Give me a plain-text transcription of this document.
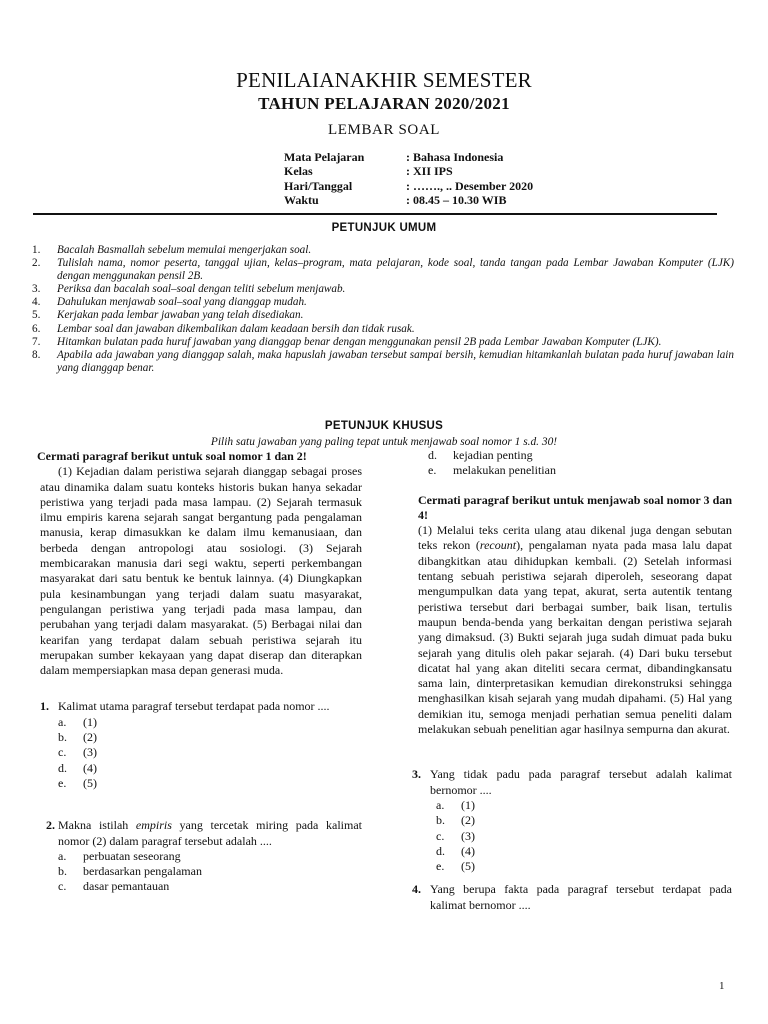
PENILAIANAKHIR SEMESTER
TAHUN PELAJARAN 2020/2021
LEMBAR SOAL
Mata Pelajaran	: Bahasa Indonesia
Kelas	: XII IPS
Hari/Tanggal	: ……., .. Desember 2020
Waktu	: 08.45 – 10.30 WIB
PETUNJUK UMUM
1.	Bacalah Basmallah sebelum memulai mengerjakan soal.
2.	Tulislah nama, nomor peserta, tanggal ujian, kelas–program, mata pelajaran, kode soal, tanda tangan pada Lembar Jawaban Komputer (LJK) dengan menggunakan pensil 2B.
3.	Periksa dan bacalah soal–soal dengan teliti sebelum menjawab.
4.	Dahulukan menjawab soal–soal yang dianggap mudah.
5.	Kerjakan pada lembar jawaban yang telah disediakan.
6.	Lembar soal dan jawaban dikembalikan dalam keadaan bersih dan tidak rusak.
7.	Hitamkan bulatan pada huruf jawaban yang dianggap benar dengan menggunakan pensil 2B pada Lembar Jawaban Komputer (LJK).
8.	Apabila ada jawaban yang dianggap salah, maka hapuslah jawaban tersebut sampai bersih, kemudian hitamkanlah bulatan pada huruf jawaban lain yang dianggap benar.
PETUNJUK KHUSUS
Pilih satu jawaban yang paling tepat untuk menjawab soal nomor 1 s.d. 30!
Cermati paragraf berikut untuk soal nomor 1 dan 2!
(1) Kejadian dalam peristiwa sejarah dianggap sebagai proses atau dinamika dalam suatu konteks historis bukan hanya sekadar peristiwa yang terjadi pada masa lampau. (2) Sejarah termasuk ilmu empiris karena sejarah sangat bergantung pada pengalaman manusia, kerap dimasukkan ke dalam ilmu kemanusiaan, dan berbeda dengan antropologi atau sosiologi. (3) Sejarah membicarakan manusia dari segi waktu, seperti perkembangan masyarakat dari satu bentuk ke bentuk lainnya. (4) Diungkapkan pula kesinambungan yang terjadi dalam suatu masyarakat, pengulangan peristiwa yang terjadi pada masa lampau, dan perubahan yang terjadi dalam masyarakat. (5) Berbagai nilai dan kearifan yang terdapat dalam sebuah peristiwa sejarah itu merupakan sumber kekayaan yang dapat diserap dan diterapkan dalam mempersiapkan masa depan generasi muda.
1. Kalimat utama paragraf tersebut terdapat pada nomor ....
a.	(1)
b.	(2)
c.	(3)
d.	(4)
e.	(5)
2. Makna istilah empiris yang tercetak miring pada kalimat nomor (2) dalam paragraf tersebut adalah ....
a.	perbuatan seseorang
b.	berdasarkan pengalaman
c.	dasar pemantauan
d.	kejadian penting
e.	melakukan penelitian
Cermati paragraf berikut untuk menjawab soal nomor 3 dan 4!
(1) Melalui teks cerita ulang atau dikenal juga dengan sebutan teks rekon (recount), pengalaman nyata pada masa lalu dapat dibangkitkan atau dihidupkan kembali. (2) Setelah informasi tentang sebuah peristiwa sejarah diperoleh, seseorang dapat mengumpulkan data yang tepat, akurat, serta autentik tentang peristiwa tersebut dari berbagai sumber, baik lisan, tertulis maupun benda-benda yang berkaitan dengan peristiwa sejarah yang dimaksud. (3) Bukti sejarah juga sudah dimuat pada buku sejarah yang ditulis oleh pakar sejarah. (4) Dari buku tersebut dicatat hal yang akan diteliti secara cermat, dibandingkansatu sama lain, dinterpretasikan kemudian direkonstruksi sehingga menghasilkan kisah sejarah yang mudah dipahami. (5) Hal yang demikian itu, semoga menjadi perhatian semua peneliti dalam melakukan sebuah penelitian agar hasilnya sempurna dan akurat.
3. Yang tidak padu pada paragraf tersebut adalah kalimat bernomor ....
a.	(1)
b.	(2)
c.	(3)
d.	(4)
e.	(5)
4. Yang berupa fakta pada paragraf tersebut terdapat pada kalimat bernomor ....
1
